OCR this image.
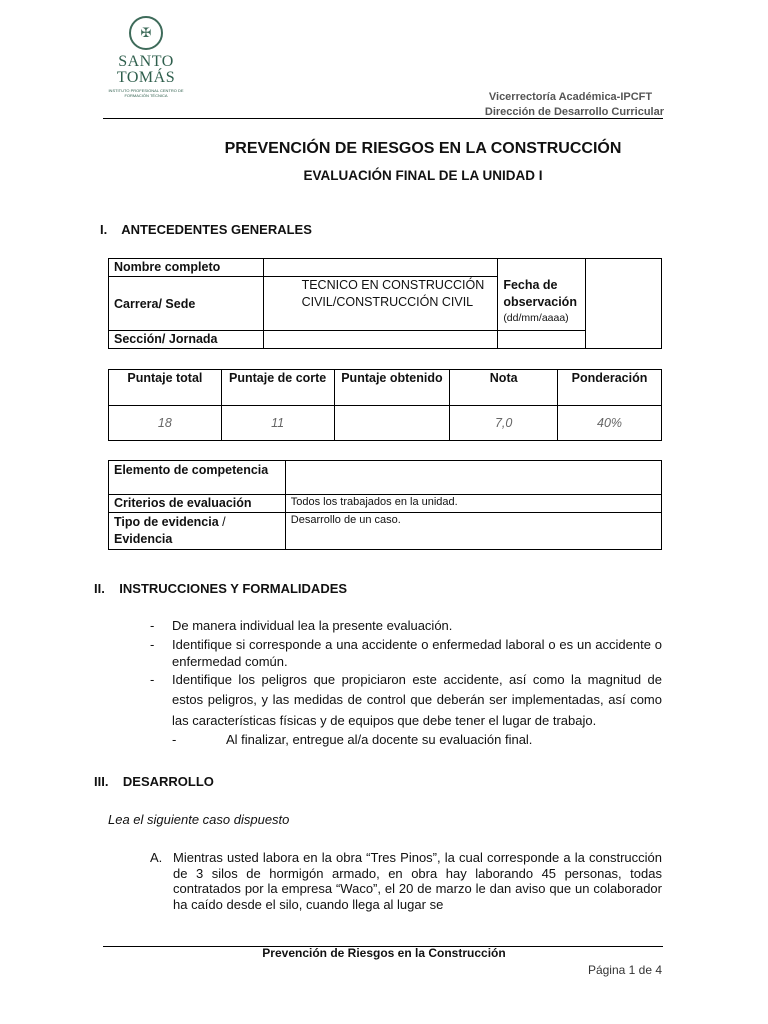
✠
SANTO TOMÁS
INSTITUTO PROFESIONAL CENTRO DE FORMACIÓN TÉCNICA	Vicerrectoría Académica-IPCFT
Dirección de Desarrollo Curricular
PREVENCIÓN DE RIESGOS EN LA CONSTRUCCIÓN
EVALUACIÓN FINAL DE LA UNIDAD I
I.    ANTECEDENTES GENERALES
Nombre completo		Fecha de observación
(dd/mm/aaaa)	

Carrera/ Sede	TECNICO EN CONSTRUCCIÓN CIVIL/CONSTRUCCIÓN CIVIL		
Sección/ Jornada			
Puntaje total	Puntaje de corte	Puntaje obtenido	Nota	Ponderación
18	11		7,0	40%
Elemento de competencia	
Criterios de evaluación	Todos los trabajados en la unidad.
Tipo de evidencia /
Evidencia	Desarrollo de un caso.
II.    INSTRUCCIONES Y FORMALIDADES
-	De manera individual lea la presente evaluación.
-	Identifique si corresponde a una accidente o enfermedad laboral o es un accidente o enfermedad común.
-	Identifique los peligros que propiciaron este accidente, así como la magnitud de estos peligros, y las medidas de control que deberán ser implementadas, así como las características físicas y de equipos que debe tener el lugar de trabajo.
-	Al finalizar, entregue al/a docente su evaluación final.
III.    DESARROLLO
Lea el siguiente caso dispuesto
A. Mientras usted labora en la obra “Tres Pinos”, la cual corresponde a la construcción de 3 silos de hormigón armado, en obra hay laborando 45 personas, todas contratados por la empresa “Waco”, el 20 de marzo le dan aviso que un colaborador ha caído desde el silo, cuando llega al lugar se
Prevención de Riesgos en la Construcción
Página 1 de 4
